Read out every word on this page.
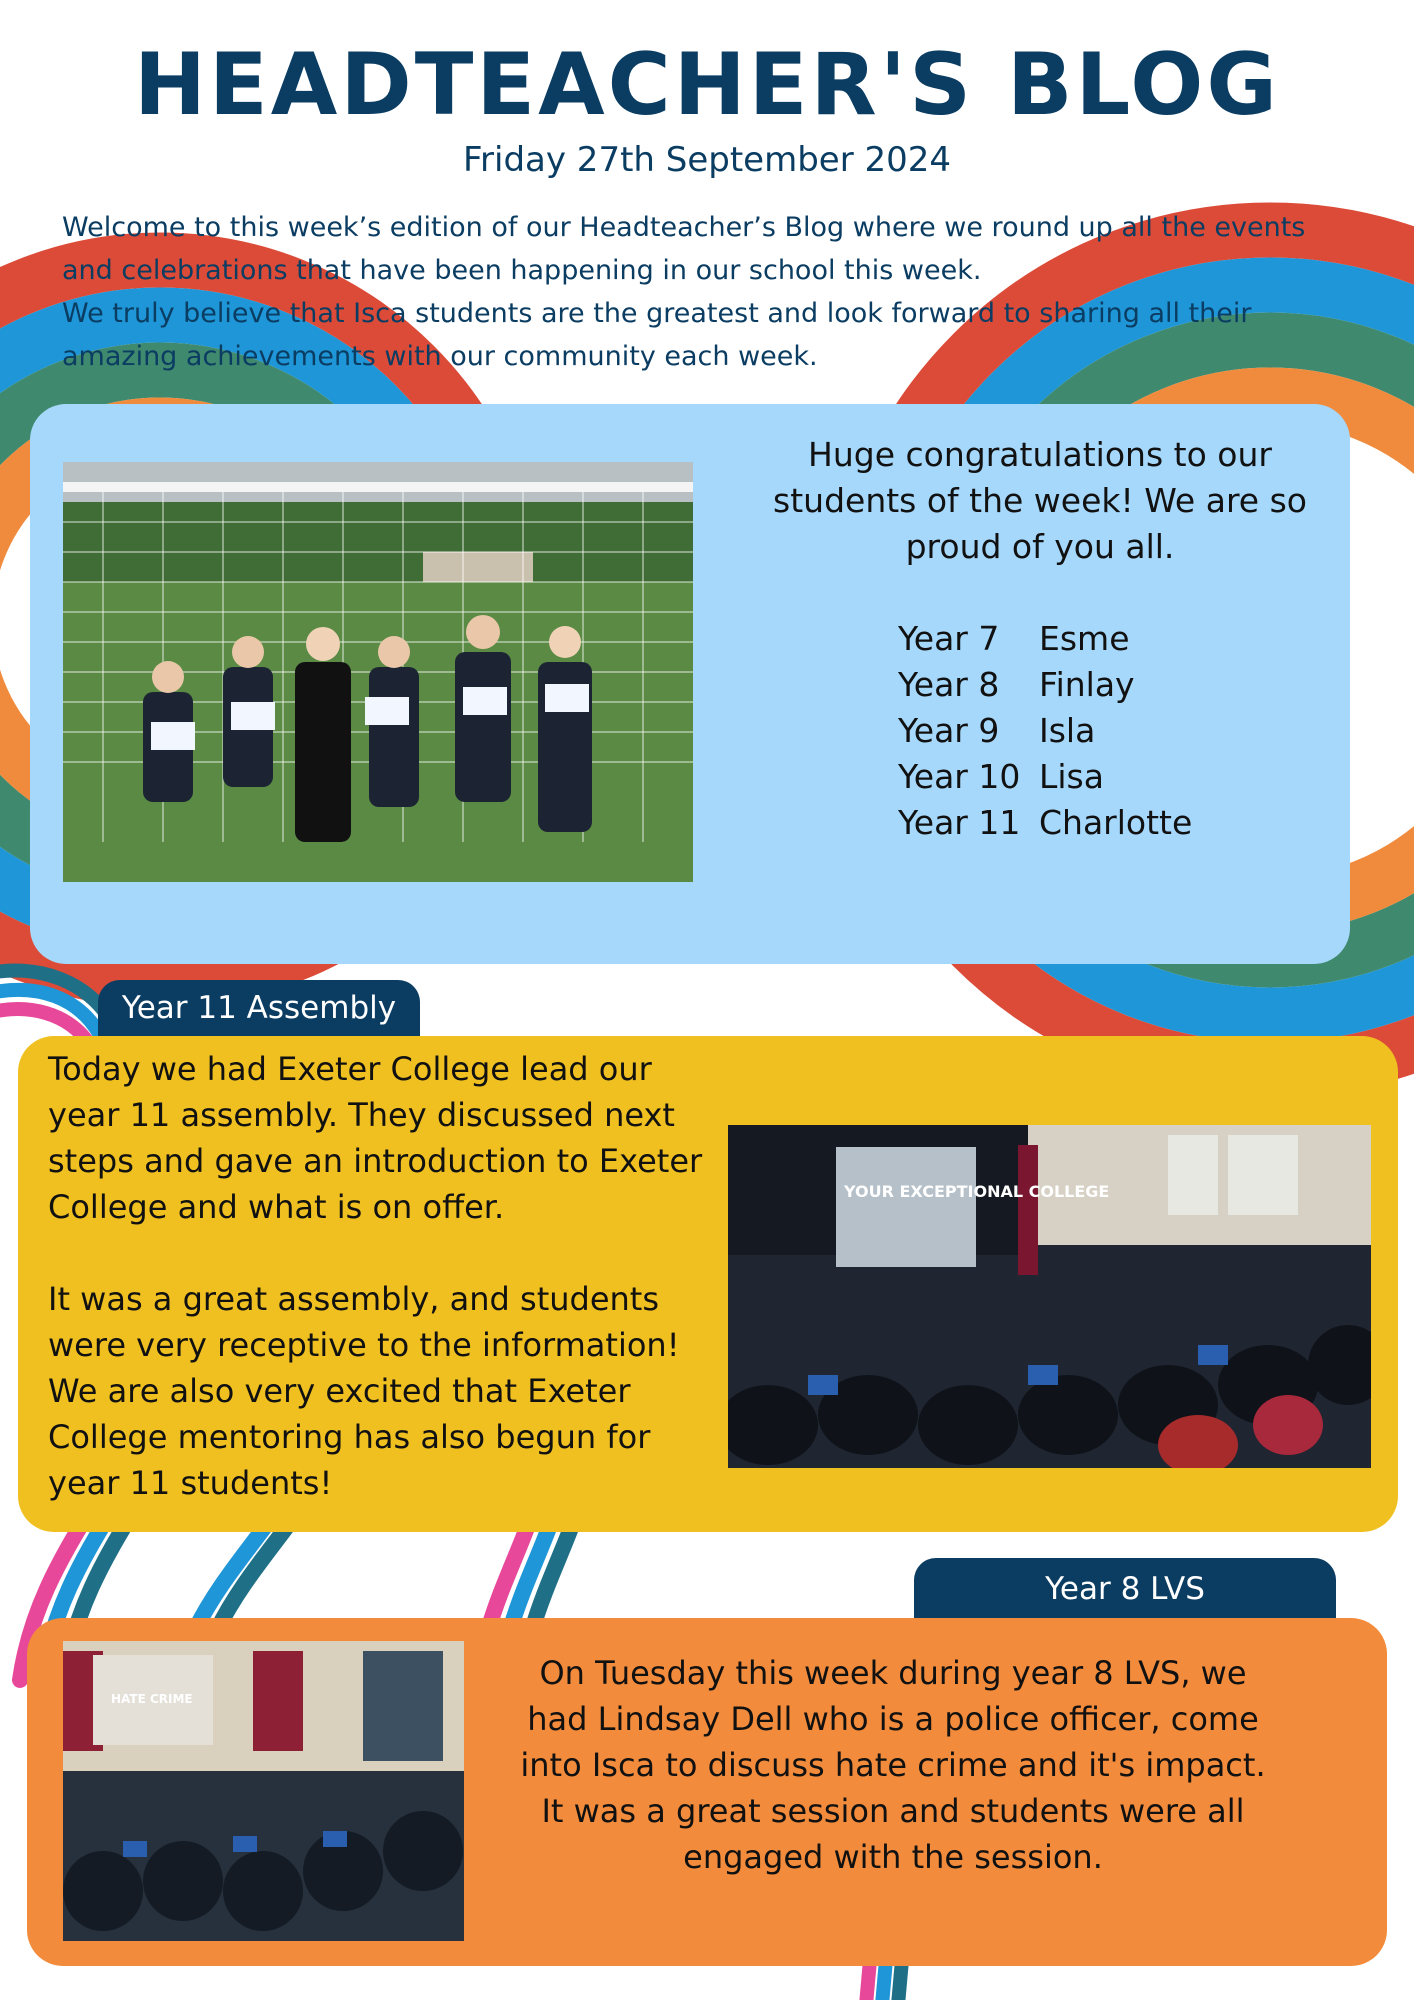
HEADTEACHER'S BLOG
Friday 27th September 2024

Welcome to this week’s edition of our Headteacher’s Blog where we round up all the events and celebrations that have been happening in our school this week.

We truly believe that Isca students are the greatest and look forward to sharing all their amazing achievements with our community each week.

Huge congratulations to our students of the week! We are so proud of you all.
Year 7	Esme
Year 8	Finlay
Year 9	Isla
Year 10 Lisa
Year 11 Charlotte
Year 11 Assembly

Today we had Exeter College lead our year 11 assembly. They discussed next steps and gave an introduction to Exeter College and what is on offer.

It was a great assembly, and students were very receptive to the information! We are also very excited that Exeter College mentoring has also begun for year 11 students!

YOUR EXCEPTIONAL COLLEGE
Year 8 LVS
HATE CRIME

On Tuesday this week during year 8 LVS, we had Lindsay Dell who is a police officer, come into Isca to discuss hate crime and it's impact.

It was a great session and students were all engaged with the session.
